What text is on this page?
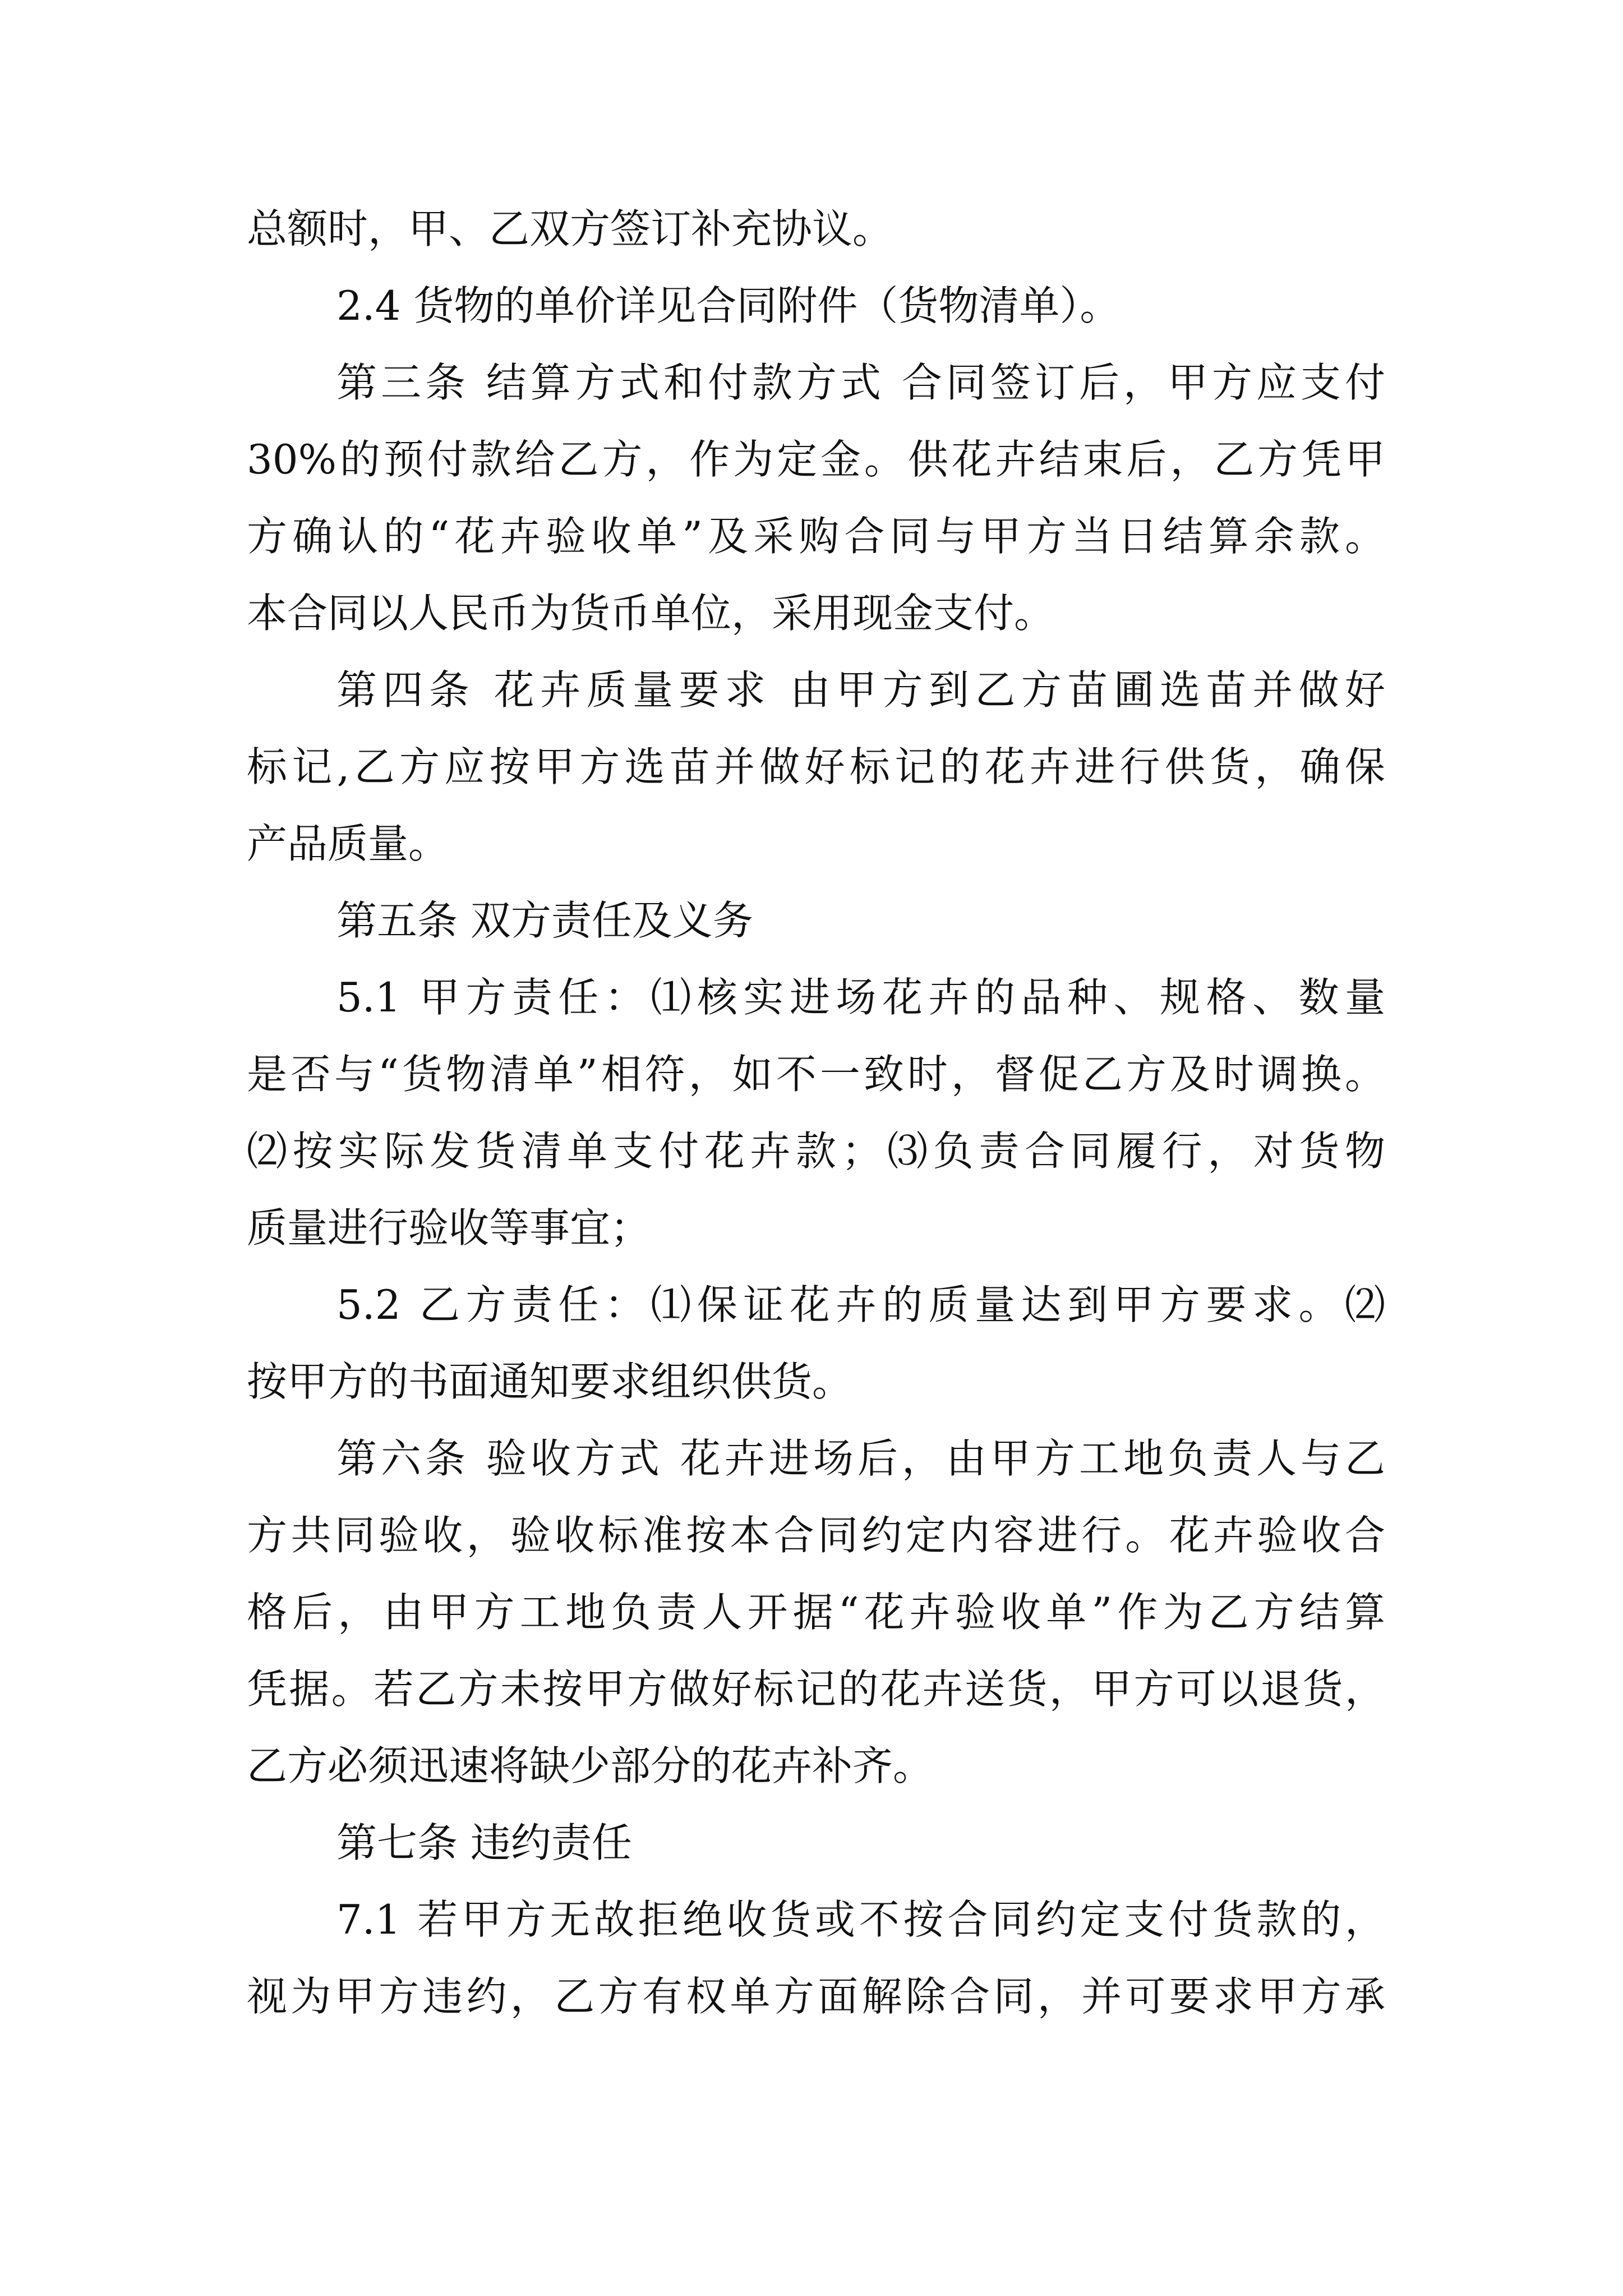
总额时，甲、乙双方签订补充协议。
2.4 货物的单价详见合同附件（货物清单）。
第三条 结算方式和付款方式 合同签订后，甲方应支付
30%的预付款给乙方，作为定金。供花卉结束后，乙方凭甲
方确认的“花卉验收单”及采购合同与甲方当日结算余款。
本合同以人民币为货币单位，采用现金支付。
第四条 花卉质量要求 由甲方到乙方苗圃选苗并做好
标记,乙方应按甲方选苗并做好标记的花卉进行供货，确保
产品质量。
第五条 双方责任及义务
5.1 甲方责任：⑴核实进场花卉的品种、规格、数量
是否与“货物清单”相符，如不一致时，督促乙方及时调换。
⑵按实际发货清单支付花卉款；⑶负责合同履行，对货物
质量进行验收等事宜；
5.2 乙方责任：⑴保证花卉的质量达到甲方要求。⑵
按甲方的书面通知要求组织供货。
第六条 验收方式 花卉进场后，由甲方工地负责人与乙
方共同验收，验收标准按本合同约定内容进行。花卉验收合
格后，由甲方工地负责人开据“花卉验收单”作为乙方结算
凭据。若乙方未按甲方做好标记的花卉送货，甲方可以退货，
乙方必须迅速将缺少部分的花卉补齐。
第七条 违约责任
7.1 若甲方无故拒绝收货或不按合同约定支付货款的，
视为甲方违约，乙方有权单方面解除合同，并可要求甲方承
